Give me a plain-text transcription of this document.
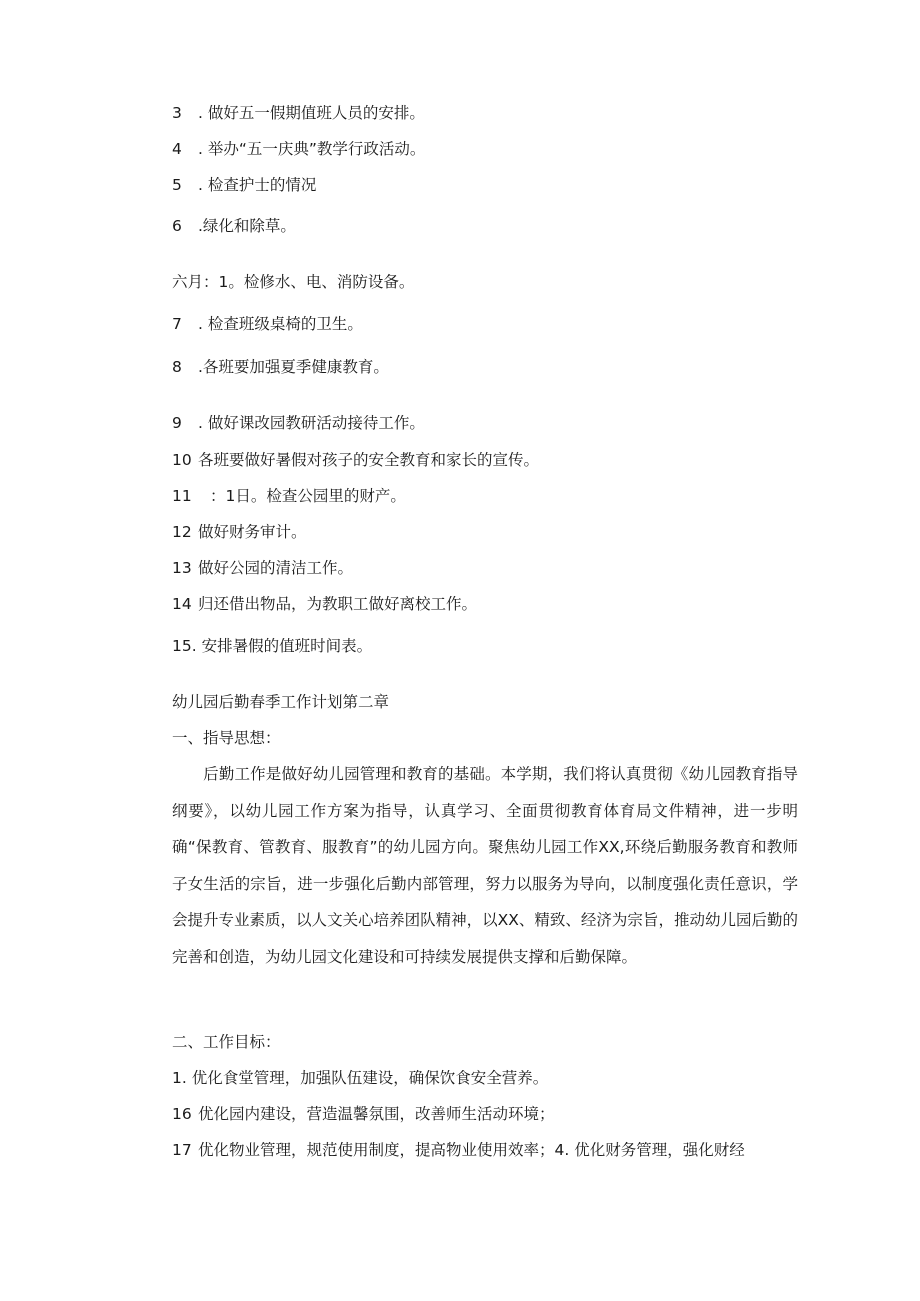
3 . 做好五一假期值班人员的安排。
4 . 举办“五一庆典”教学行政活动。
5 . 检查护士的情况
6 .绿化和除草。
六月：1。检修水、电、消防设备。
7 . 检查班级桌椅的卫生。
8 .各班要加强夏季健康教育。
9 . 做好课改园教研活动接待工作。
10 各班要做好暑假对孩子的安全教育和家长的宣传。
11 ：1日。检查公园里的财产。
12 做好财务审计。
13 做好公园的清洁工作。
14 归还借出物品，为教职工做好离校工作。
15. 安排暑假的值班时间表。
幼儿园后勤春季工作计划第二章
一、指导思想：
后勤工作是做好幼儿园管理和教育的基础。本学期，我们将认真贯彻《幼儿园教育指导纲要》，以幼儿园工作方案为指导，认真学习、全面贯彻教育体育局文件精神，进一步明确“保教育、管教育、服教育”的幼儿园方向。聚焦幼儿园工作XX,环绕后勤服务教育和教师子女生活的宗旨，进一步强化后勤内部管理，努力以服务为导向，以制度强化责任意识，学会提升专业素质，以人文关心培养团队精神，以XX、精致、经济为宗旨，推动幼儿园后勤的完善和创造，为幼儿园文化建设和可持续发展提供支撑和后勤保障。
二、工作目标：
1. 优化食堂管理，加强队伍建设，确保饮食安全营养。
16 优化园内建设，营造温馨氛围，改善师生活动环境；
17 优化物业管理，规范使用制度，提高物业使用效率；4. 优化财务管理，强化财经
